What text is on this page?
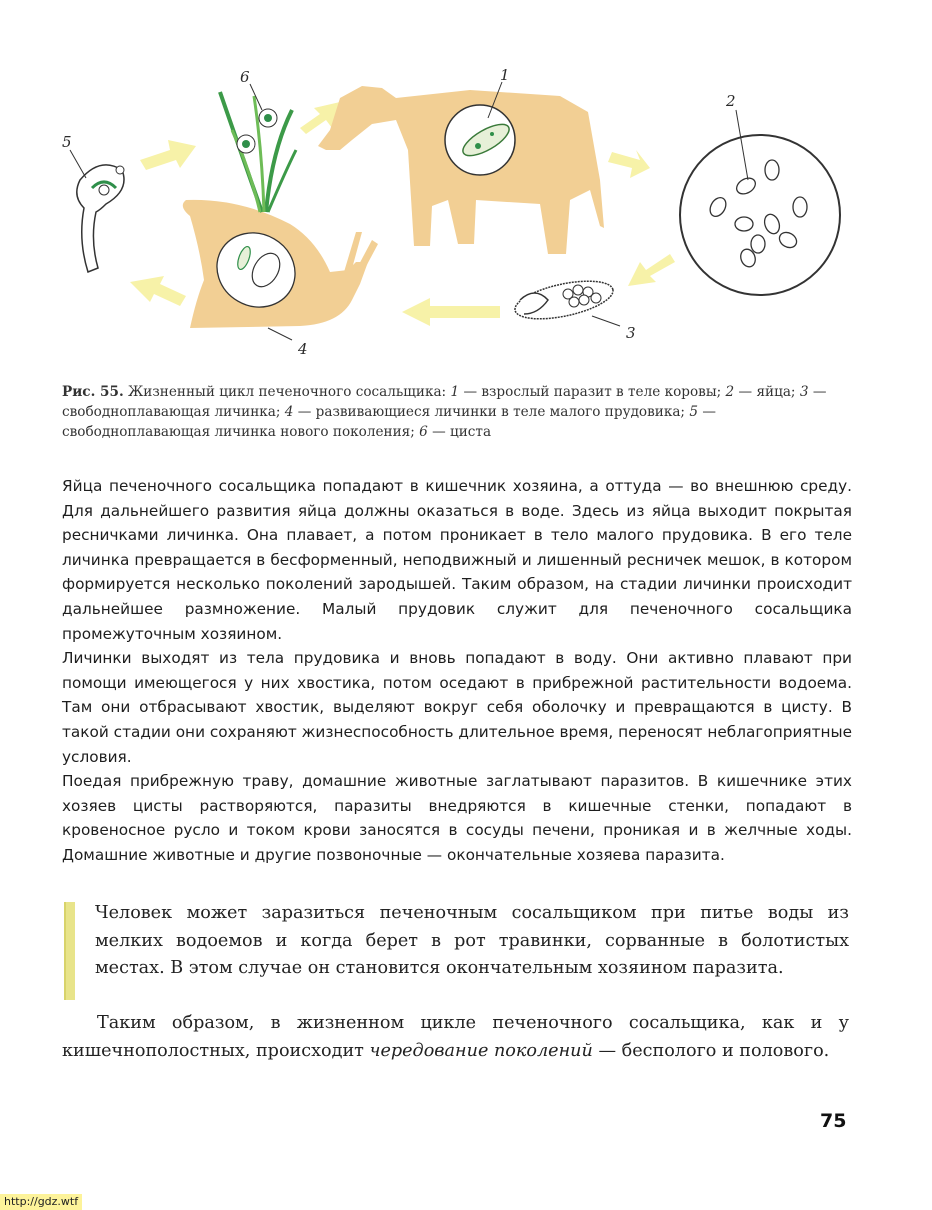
1
2
3
4
5
6
Рис. 55. Жизненный цикл печеночного сосальщика: 1 — взрослый паразит в теле коровы; 2 — яйца; 3 — свободноплавающая личинка; 4 — развивающиеся личинки в теле малого прудовика; 5 — свободноплавающая личинка нового поколения; 6 — циста

Яйца печеночного сосальщика попадают в кишечник хозяина, а оттуда — во внешнюю среду. Для дальнейшего развития яйца должны оказаться в воде. Здесь из яйца выходит покрытая ресничками личинка. Она плавает, а потом проникает в тело малого прудовика. В его теле личинка превращается в бесформенный, неподвижный и лишенный ресничек мешок, в котором формируется несколько поколений зародышей. Таким образом, на стадии личинки происходит дальнейшее размножение. Малый прудовик служит для печеночного сосальщика промежуточным хозяином.

Личинки выходят из тела прудовика и вновь попадают в воду. Они активно плавают при помощи имеющегося у них хвостика, потом оседают в прибрежной растительности водоема. Там они отбрасывают хвостик, выделяют вокруг себя оболочку и превращаются в цисту. В такой стадии они сохраняют жизнеспособность длительное время, переносят неблагоприятные условия.

Поедая прибрежную траву, домашние животные заглатывают паразитов. В кишечнике этих хозяев цисты растворяются, паразиты внедряются в кишечные стенки, попадают в кровеносное русло и током крови заносятся в сосуды печени, проникая и в желчные ходы. Домашние животные и другие позвоночные — окончательные хозяева паразита.

Человек может заразиться печеночным сосальщиком при питье воды из мелких водоемов и когда берет в рот травинки, сорванные в болотистых местах. В этом случае он становится окончательным хозяином паразита.
Таким образом, в жизненном цикле печеночного сосальщика, как и у кишечнополостных, происходит чередование поколений — бесполого и полового.
75
http://gdz.wtf
